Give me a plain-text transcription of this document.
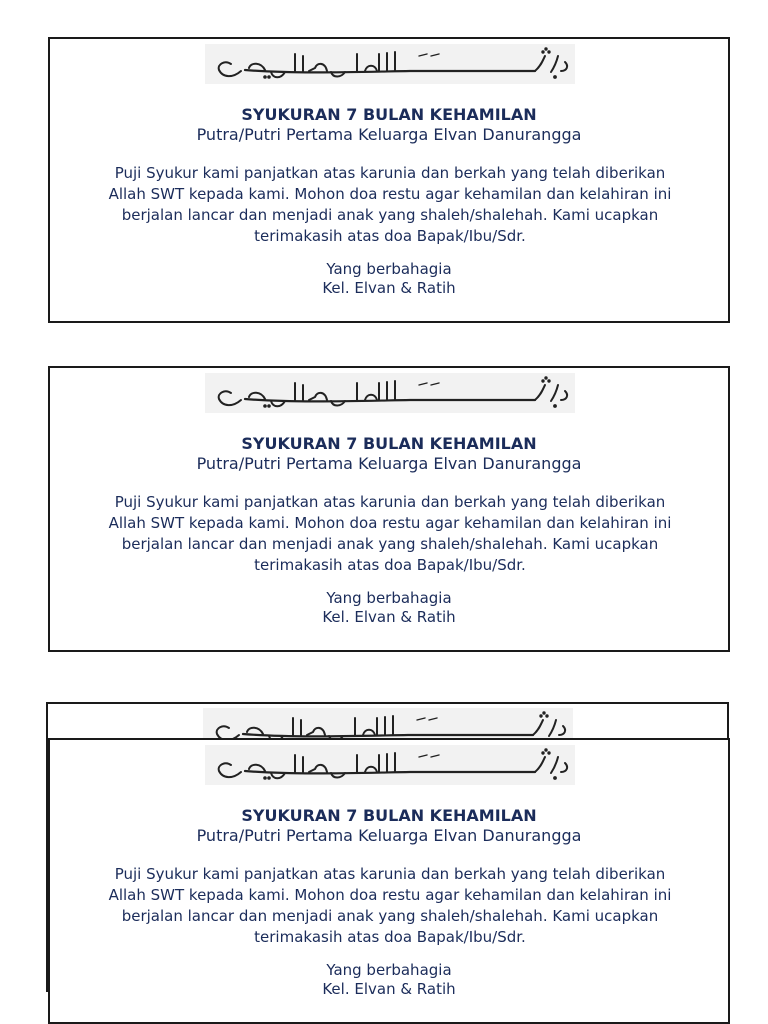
SYUKURAN 7 BULAN KEHAMILAN
Putra/Putri Pertama Keluarga Elvan Danurangga
Puji Syukur kami panjatkan atas karunia dan berkah yang telah diberikan
Allah SWT kepada kami. Mohon doa restu agar kehamilan dan kelahiran ini
berjalan lancar dan menjadi anak yang shaleh/shalehah. Kami ucapkan
terimakasih atas doa Bapak/Ibu/Sdr.
Yang berbahagia
Kel. Elvan & Ratih
SYUKURAN 7 BULAN KEHAMILAN
Putra/Putri Pertama Keluarga Elvan Danurangga
Puji Syukur kami panjatkan atas karunia dan berkah yang telah diberikan
Allah SWT kepada kami. Mohon doa restu agar kehamilan dan kelahiran ini
berjalan lancar dan menjadi anak yang shaleh/shalehah. Kami ucapkan
terimakasih atas doa Bapak/Ibu/Sdr.
Yang berbahagia
Kel. Elvan & Ratih
SYUKURAN 7 BULAN KEHAMILAN
Putra/Putri Pertama Keluarga Elvan Danurangga
Puji Syukur kami panjatkan atas karunia dan berkah yang telah diberikan
Allah SWT kepada kami. Mohon doa restu agar kehamilan dan kelahiran ini
berjalan lancar dan menjadi anak yang shaleh/shalehah. Kami ucapkan
terimakasih atas doa Bapak/Ibu/Sdr.
Yang berbahagia
Kel. Elvan & Ratih
